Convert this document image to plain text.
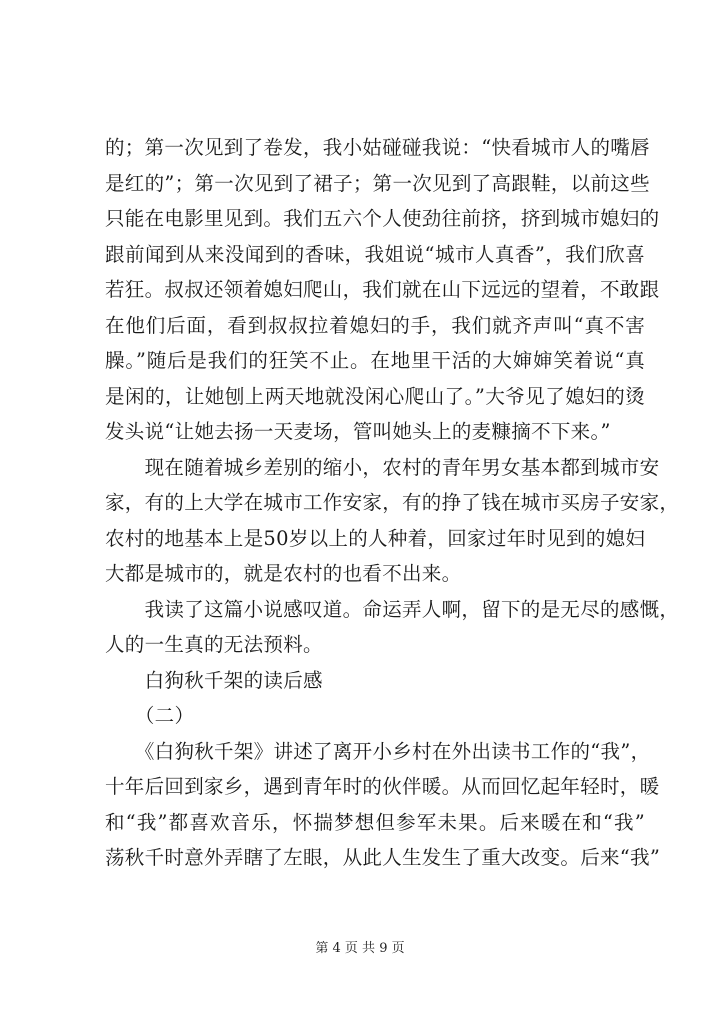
的；第一次见到了卷发，我小姑碰碰我说：“快看城市人的嘴唇
是红的”；第一次见到了裙子；第一次见到了高跟鞋，以前这些
只能在电影里见到。我们五六个人使劲往前挤，挤到城市媳妇的
跟前闻到从来没闻到的香味，我姐说“城市人真香”，我们欣喜
若狂。叔叔还领着媳妇爬山，我们就在山下远远的望着，不敢跟
在他们后面，看到叔叔拉着媳妇的手，我们就齐声叫“真不害
臊。”随后是我们的狂笑不止。在地里干活的大婶婶笑着说“真
是闲的，让她刨上两天地就没闲心爬山了。”大爷见了媳妇的烫
发头说“让她去扬一天麦场，管叫她头上的麦糠摘不下来。”
　　现在随着城乡差别的缩小，农村的青年男女基本都到城市安
家，有的上大学在城市工作安家，有的挣了钱在城市买房子安家，
农村的地基本上是50岁以上的人种着，回家过年时见到的媳妇
大都是城市的，就是农村的也看不出来。
　　我读了这篇小说感叹道。命运弄人啊，留下的是无尽的感慨，
人的一生真的无法预料。
　　白狗秋千架的读后感
　　（二）
　　《白狗秋千架》讲述了离开小乡村在外出读书工作的“我”，
十年后回到家乡，遇到青年时的伙伴暖。从而回忆起年轻时，暖
和“我”都喜欢音乐，怀揣梦想但参军未果。后来暖在和“我”
荡秋千时意外弄瞎了左眼，从此人生发生了重大改变。后来“我”
第 4 页 共 9 页
